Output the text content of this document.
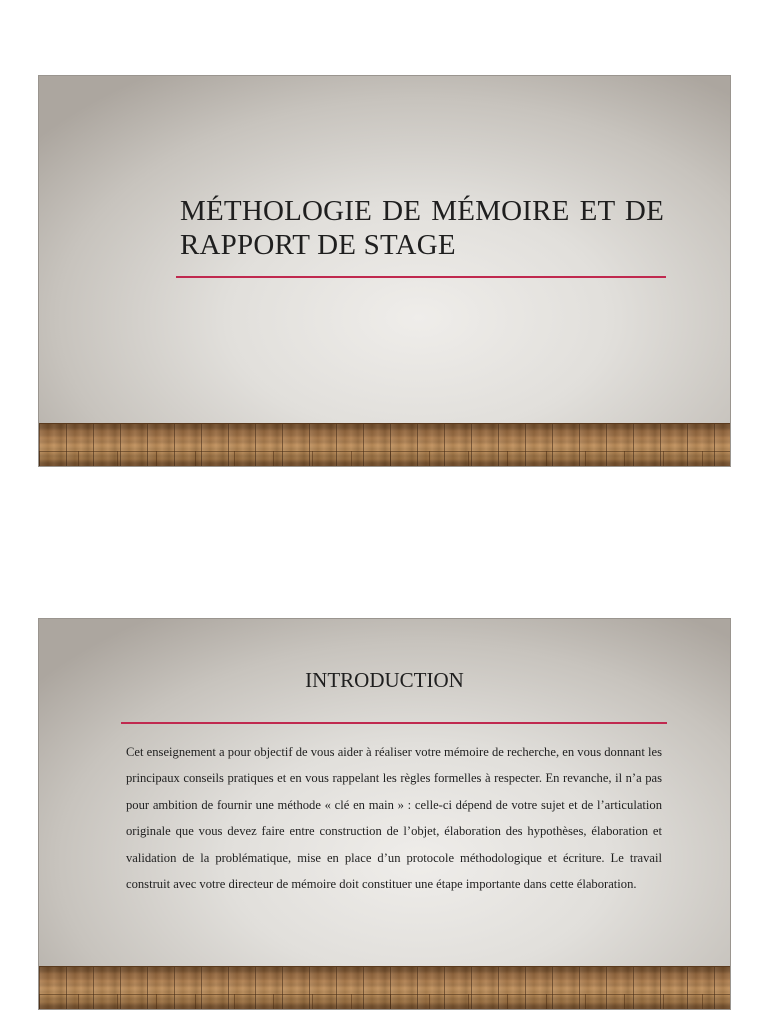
MÉTHOLOGIE DE MÉMOIRE ET DE RAPPORT DE STAGE
INTRODUCTION

Cet enseignement a pour objectif de vous aider à réaliser votre mémoire de recherche, en vous donnant les principaux conseils pratiques et en vous rappelant les règles formelles à respecter. En revanche, il n’a pas pour ambition de fournir une méthode « clé en main » : celle-ci dépend de votre sujet et de l’articulation originale que vous devez faire entre construction de l’objet, élaboration des hypothèses, élaboration et validation de la problématique, mise en place d’un protocole méthodologique et écriture. Le travail construit avec votre directeur de mémoire doit constituer une étape importante dans cette élaboration.
